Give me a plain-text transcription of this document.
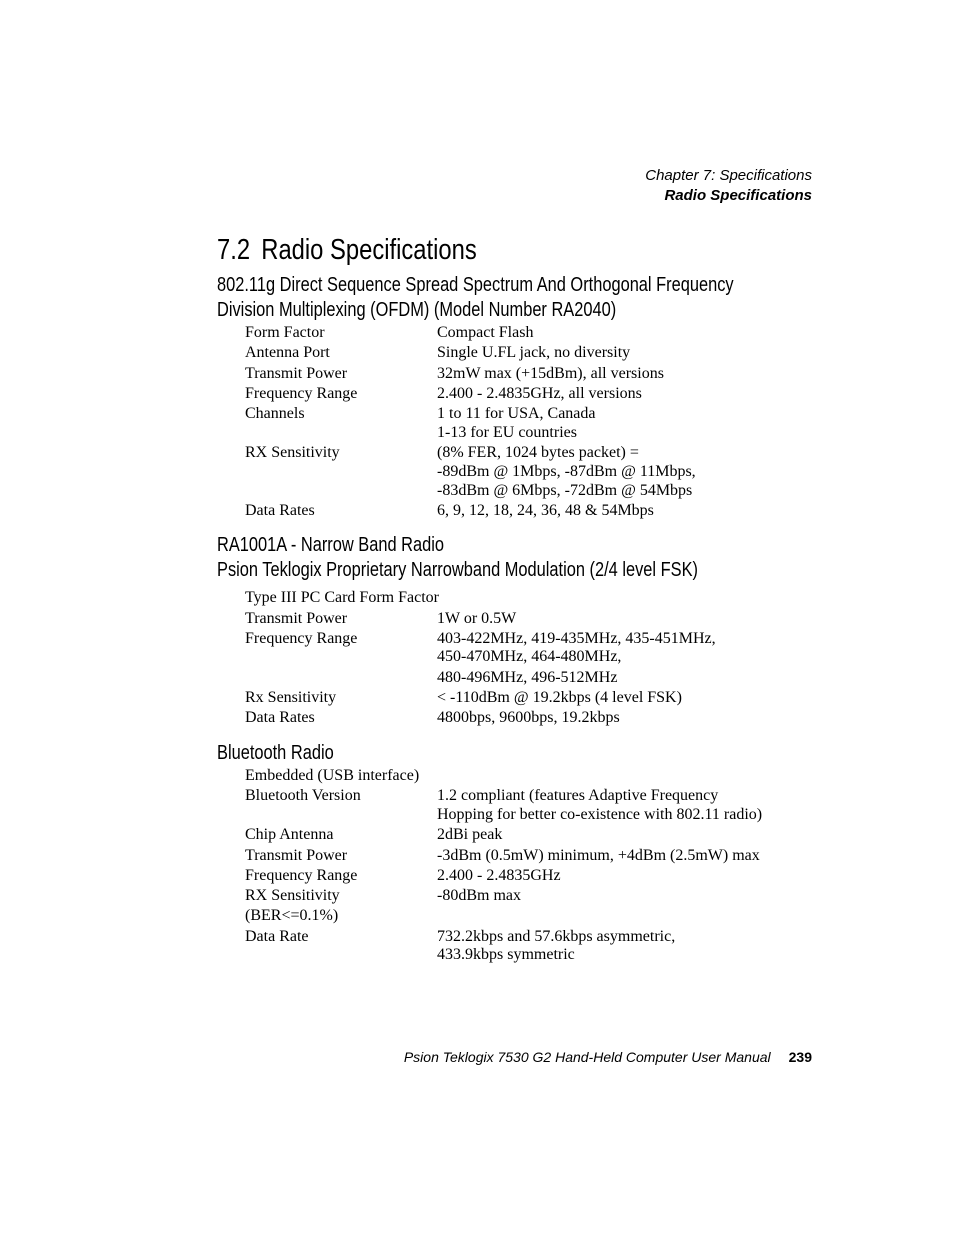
Chapter 7: Specifications
Radio Specifications
7.2 Radio Specifications
802.11g Direct Sequence Spread Spectrum And Orthogonal Frequency
Division Multiplexing (OFDM) (Model Number RA2040)
Form Factor	Compact Flash
Antenna Port	Single U.FL jack, no diversity
Transmit Power	32mW max (+15dBm), all versions
Frequency Range	2.400 - 2.4835GHz, all versions
Channels	1 to 11 for USA, Canada
1-13 for EU countries
RX Sensitivity	(8% FER, 1024 bytes packet) =
-89dBm @ 1Mbps, -87dBm @ 11Mbps,
-83dBm @ 6Mbps, -72dBm @ 54Mbps
Data Rates	6, 9, 12, 18, 24, 36, 48 & 54Mbps
RA1001A - Narrow Band Radio
Psion Teklogix Proprietary Narrowband Modulation (2/4 level FSK)
Type III PC Card Form Factor
Transmit Power	1W or 0.5W
Frequency Range	403-422MHz, 419-435MHz, 435-451MHz,
450-470MHz, 464-480MHz,
480-496MHz, 496-512MHz
Rx Sensitivity	< -110dBm @ 19.2kbps (4 level FSK)
Data Rates	4800bps, 9600bps, 19.2kbps
Bluetooth Radio
Embedded (USB interface)
Bluetooth Version	1.2 compliant (features Adaptive Frequency
Hopping for better co-existence with 802.11 radio)
Chip Antenna	2dBi peak
Transmit Power	-3dBm (0.5mW) minimum, +4dBm (2.5mW) max
Frequency Range	2.400 - 2.4835GHz
RX Sensitivity	-80dBm max
(BER<=0.1%)
Data Rate	732.2kbps and 57.6kbps asymmetric,
433.9kbps symmetric
Psion Teklogix 7530 G2 Hand-Held Computer User Manual 239
